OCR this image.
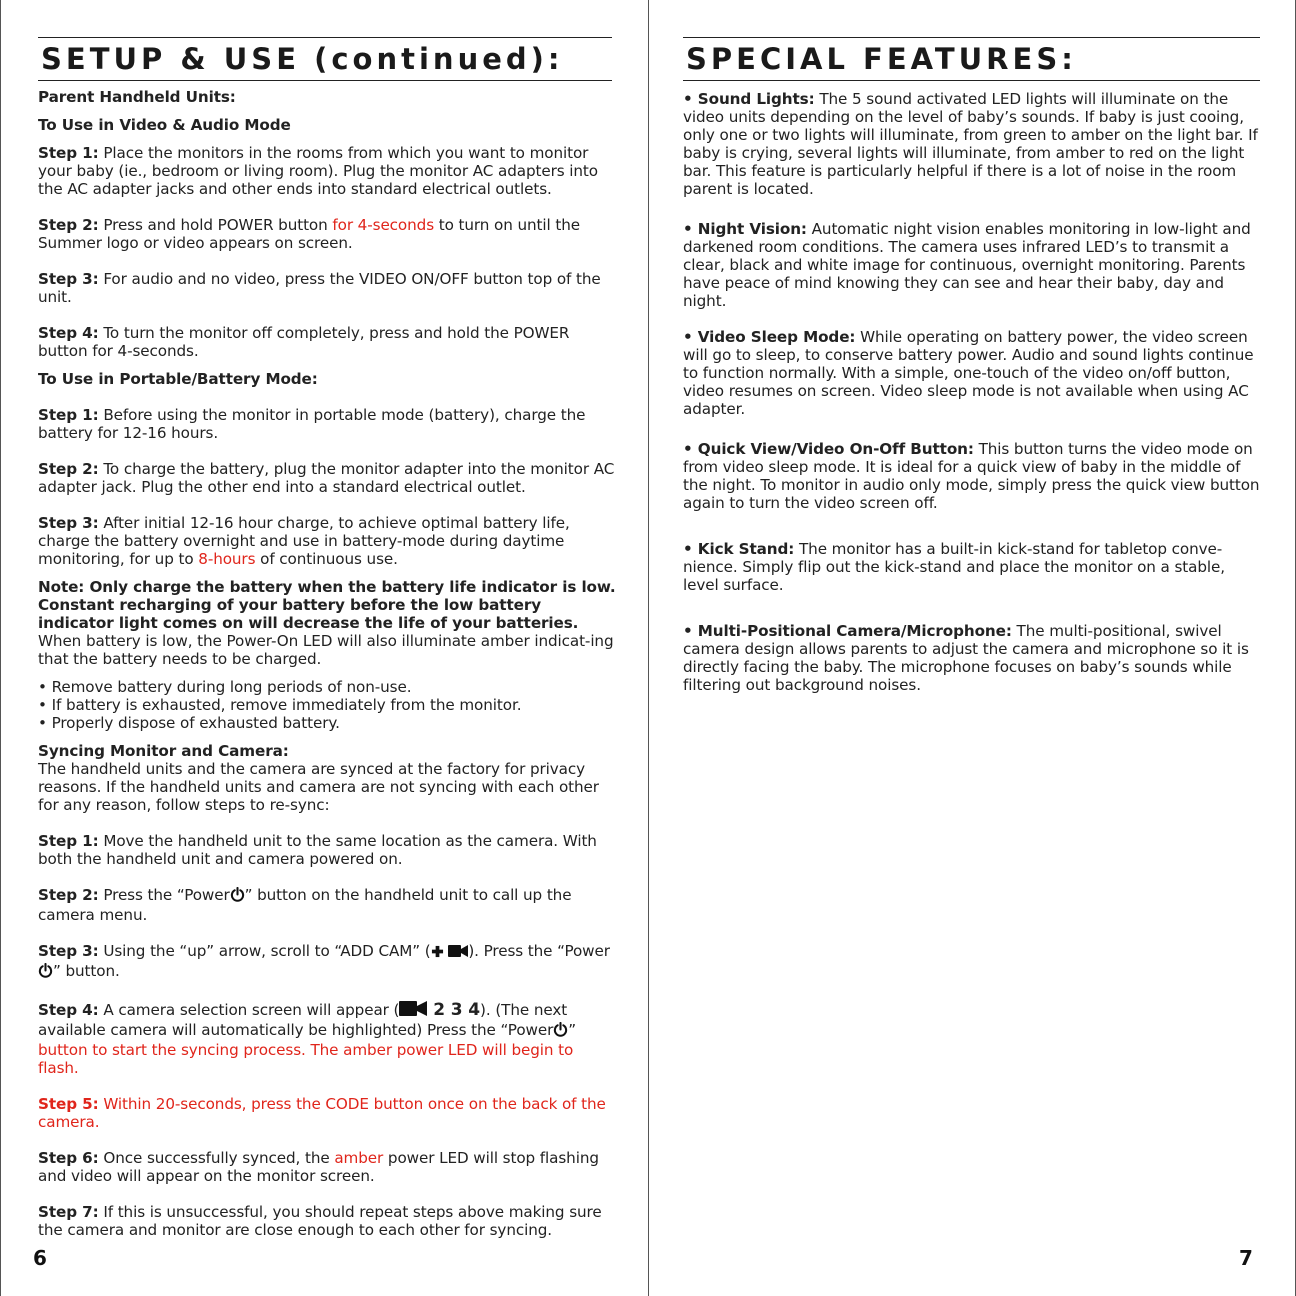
SETUP & USE (continued):

Parent Handheld Units:

To Use in Video & Audio Mode

Step 1: Place the monitors in the rooms from which you want to monitor your baby (ie., bedroom or living room). Plug the monitor AC adapters into the AC adapter jacks and other ends into standard electrical outlets.

Step 2: Press and hold POWER button for 4-seconds to turn on until the Summer logo or video appears on screen.

Step 3: For audio and no video, press the VIDEO ON/OFF button top of the unit.

Step 4: To turn the monitor off completely, press and hold the POWER button for 4-seconds.

To Use in Portable/Battery Mode:

Step 1: Before using the monitor in portable mode (battery), charge the battery for 12-16 hours.

Step 2: To charge the battery, plug the monitor adapter into the monitor AC adapter jack. Plug the other end into a standard electrical outlet.

Step 3: After initial 12-16 hour charge, to achieve optimal battery life, charge the battery overnight and use in battery-mode during daytime monitoring, for up to 8-hours of continuous use.

Note: Only charge the battery when the battery life indicator is low. Constant recharging of your battery before the low battery indicator light comes on will decrease the life of your batteries.

When battery is low, the Power-On LED will also illuminate amber indicat-ing that the battery needs to be charged.

• Remove battery during long periods of non-use.

• If battery is exhausted, remove immediately from the monitor.

• Properly dispose of exhausted battery.

Syncing Monitor and Camera:

The handheld units and the camera are synced at the factory for privacy reasons. If the handheld units and camera are not syncing with each other for any reason, follow steps to re-sync:

Step 1: Move the handheld unit to the same location as the camera. With both the handheld unit and camera powered on.

Step 2: Press the “Power ” button on the handheld unit to call up the camera menu.

Step 3: Using the “up” arrow, scroll to “ADD CAM” ( ). Press the “Power” button.

Step 4: A camera selection screen will appear ( 2 3 4). (The next available camera will automatically be highlighted) Press the “Power ” button to start the syncing process. The amber power LED will begin to flash.

Step 5: Within 20-seconds, press the CODE button once on the back of the camera.

Step 6: Once successfully synced, the amber power LED will stop flashing and video will appear on the monitor screen.

Step 7: If this is unsuccessful, you should repeat steps above making sure the camera and monitor are close enough to each other for syncing.

6
SPECIAL FEATURES:

• Sound Lights: The 5 sound activated LED lights will illuminate on the video units depending on the level of baby’s sounds. If baby is just cooing, only one or two lights will illuminate, from green to amber on the light bar. If baby is crying, several lights will illuminate, from amber to red on the light bar. This feature is particularly helpful if there is a lot of noise in the room parent is located.

• Night Vision: Automatic night vision enables monitoring in low-light and darkened room conditions. The camera uses infrared LED’s to transmit a clear, black and white image for continuous, overnight monitoring. Parents have peace of mind knowing they can see and hear their baby, day and night.

• Video Sleep Mode: While operating on battery power, the video screen will go to sleep, to conserve battery power. Audio and sound lights continue to function normally. With a simple, one-touch of the video on/off button, video resumes on screen. Video sleep mode is not available when using AC adapter.

• Quick View/Video On-Off Button: This button turns the video mode on from video sleep mode. It is ideal for a quick view of baby in the middle of the night. To monitor in audio only mode, simply press the quick view button again to turn the video screen off.

• Kick Stand: The monitor has a built-in kick-stand for tabletop conve-nience. Simply flip out the kick-stand and place the monitor on a stable, level surface.

• Multi-Positional Camera/Microphone: The multi-positional, swivel camera design allows parents to adjust the camera and microphone so it is directly facing the baby. The microphone focuses on baby’s sounds while filtering out background noises.

7
